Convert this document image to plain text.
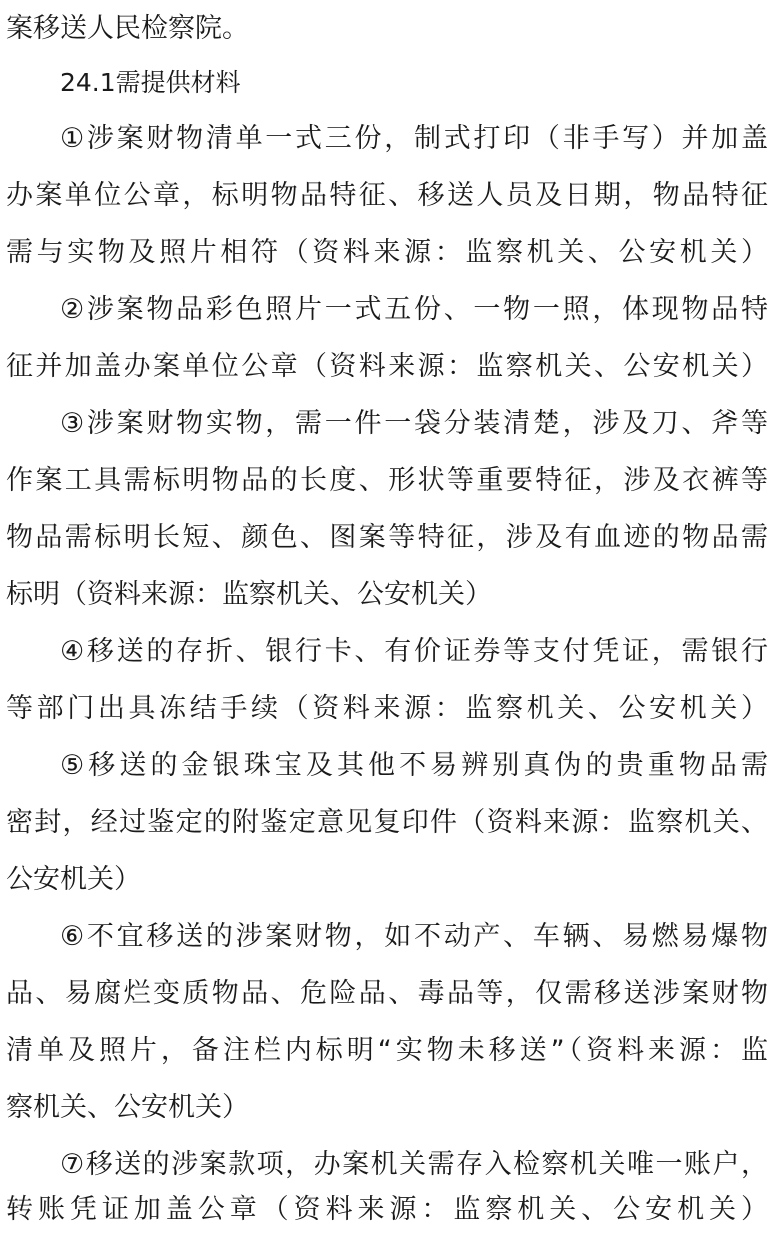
案移送人民检察院。
24.1需提供材料
①涉案财物清单一式三份，制式打印（非手写）并加盖
办案单位公章，标明物品特征、移送人员及日期，物品特征
需与实物及照片相符（资料来源：监察机关、公安机关）
②涉案物品彩色照片一式五份、一物一照，体现物品特
征并加盖办案单位公章（资料来源：监察机关、公安机关）
③涉案财物实物，需一件一袋分装清楚，涉及刀、斧等
作案工具需标明物品的长度、形状等重要特征，涉及衣裤等
物品需标明长短、颜色、图案等特征，涉及有血迹的物品需
标明（资料来源：监察机关、公安机关）
④移送的存折、银行卡、有价证券等支付凭证，需银行
等部门出具冻结手续（资料来源：监察机关、公安机关）
⑤移送的金银珠宝及其他不易辨别真伪的贵重物品需
密封，经过鉴定的附鉴定意见复印件（资料来源：监察机关、
公安机关）
⑥不宜移送的涉案财物，如不动产、车辆、易燃易爆物
品、易腐烂变质物品、危险品、毒品等，仅需移送涉案财物
清单及照片，备注栏内标明“实物未移送”（资料来源：监
察机关、公安机关）
⑦移送的涉案款项，办案机关需存入检察机关唯一账户，
转账凭证加盖公章（资料来源：监察机关、公安机关）
